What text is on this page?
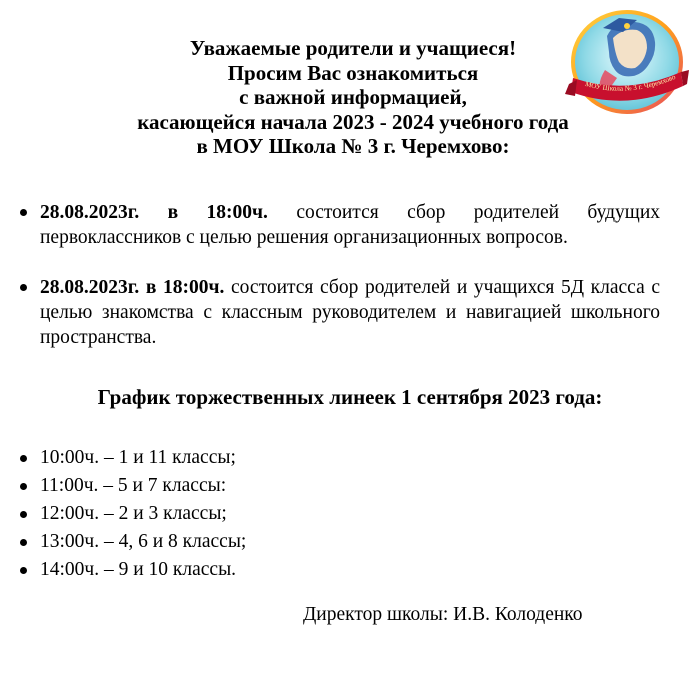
МОУ Школа № 3 г. Черемхово
Уважаемые родители и учащиеся!
Просим Вас ознакомиться
с важной информацией,
касающейся начала 2023 - 2024 учебного года
в МОУ Школа № 3 г. Черемхово:
28.08.2023г. в 18:00ч. состоится сбор родителей будущих первоклассников с целью решения организационных вопросов.
28.08.2023г. в 18:00ч. состоится сбор родителей и учащихся 5Д класса с целью знакомства с классным руководителем и навигацией школьного пространства.
График торжественных линеек 1 сентября 2023 года:
10:00ч. – 1 и 11 классы;
11:00ч. – 5 и 7 классы:
12:00ч. – 2 и 3 классы;
13:00ч. – 4, 6 и 8 классы;
14:00ч. – 9 и 10 классы.
Директор школы: И.В. Колоденко
